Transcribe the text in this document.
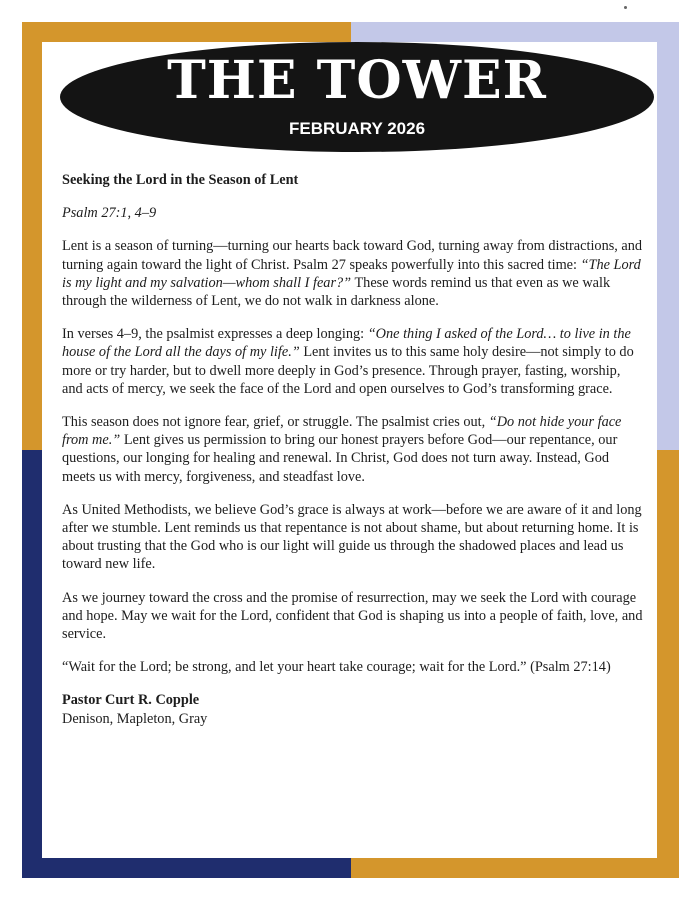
THE TOWER
FEBRUARY 2026

Seeking the Lord in the Season of Lent

Psalm 27:1, 4–9

Lent is a season of turning—turning our hearts back toward God, turning away from distractions, and turning again toward the light of Christ. Psalm 27 speaks powerfully into this sacred time: “The Lord is my light and my salvation—whom shall I fear?” These words remind us that even as we walk through the wilderness of Lent, we do not walk in darkness alone.

In verses 4–9, the psalmist expresses a deep longing: “One thing I asked of the Lord… to live in the house of the Lord all the days of my life.” Lent invites us to this same holy desire—not simply to do more or try harder, but to dwell more deeply in God’s presence. Through prayer, fasting, worship, and acts of mercy, we seek the face of the Lord and open ourselves to God’s transforming grace.

This season does not ignore fear, grief, or struggle. The psalmist cries out, “Do not hide your face from me.” Lent gives us permission to bring our honest prayers before God—our repentance, our questions, our longing for healing and renewal. In Christ, God does not turn away. Instead, God meets us with mercy, forgiveness, and steadfast love.

As United Methodists, we believe God’s grace is always at work—before we are aware of it and long after we stumble. Lent reminds us that repentance is not about shame, but about returning home. It is about trusting that the God who is our light will guide us through the shadowed places and lead us toward new life.

As we journey toward the cross and the promise of resurrection, may we seek the Lord with courage and hope. May we wait for the Lord, confident that God is shaping us into a people of faith, love, and service.

“Wait for the Lord; be strong, and let your heart take courage; wait for the Lord.” (Psalm 27:14)

Pastor Curt R. Copple

Denison, Mapleton, Gray
